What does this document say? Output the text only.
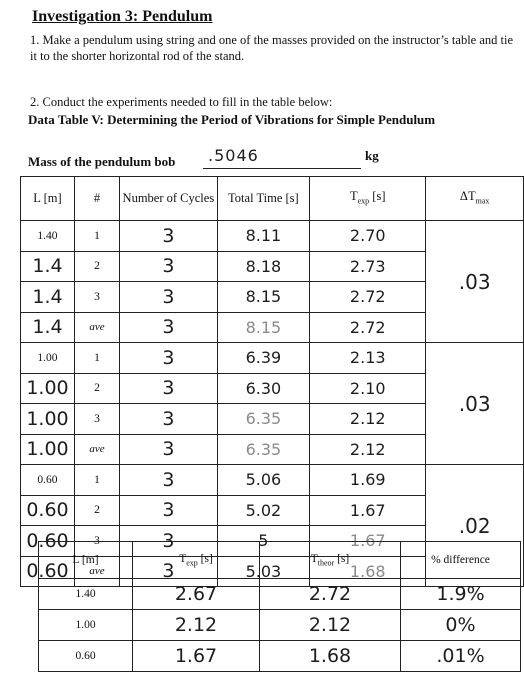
Investigation 3: Pendulum
1. Make a pendulum using string and one of the masses provided on the instructor’s table and tie it to the shorter horizontal rod of the stand.
2. Conduct the experiments needed to fill in the table below:
Data Table V: Determining the Period of Vibrations for Simple Pendulum
Mass of the pendulum bob .5046	kg
L [m]	#	Number of Cycles	Total Time [s]	$T_{exp}$ [s]	$\Delta T_{max}$
1.40	1	3	8.11	2.70	.03
1.4	2	3	8.18	2.73	
1.4	3	3	8.15	2.72	
1.4	ave	3	8.15	2.72	
1.00	1	3	6.39	2.13	.03
1.00	2	3	6.30	2.10	
1.00	3	3	6.35	2.12	
1.00	ave	3	6.35	2.12	
0.60	1	3	5.06	1.69	.02
0.60	2	3	5.02	1.67	
0.60	3	3	5	1.67	
0.60	ave	3	5.03	1.68	
L [m]	$T_{exp}$ [s]	$T_{theor}$ [s]	% difference
1.40	2.67	2.72	1.9%
1.00	2.12	2.12	0%
0.60	1.67	1.68	.01%
